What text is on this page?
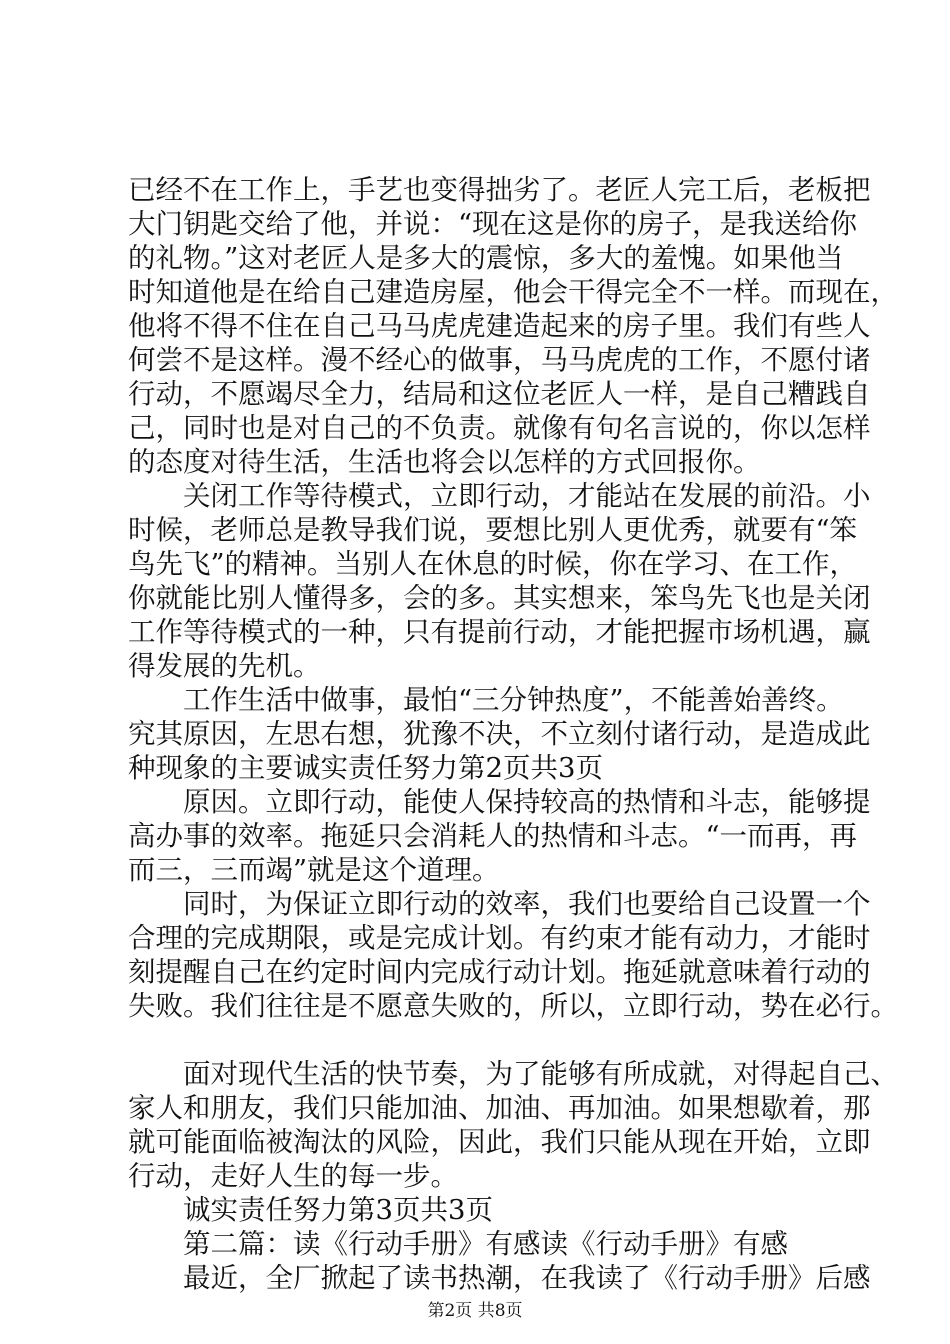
已经不在工作上，手艺也变得拙劣了。老匠人完工后，老板把
大门钥匙交给了他，并说：“现在这是你的房子，是我送给你
的礼物。”这对老匠人是多大的震惊，多大的羞愧。如果他当
时知道他是在给自己建造房屋，他会干得完全不一样。而现在，
他将不得不住在自己马马虎虎建造起来的房子里。我们有些人
何尝不是这样。漫不经心的做事，马马虎虎的工作，不愿付诸
行动，不愿竭尽全力，结局和这位老匠人一样，是自己糟践自
己，同时也是对自己的不负责。就像有句名言说的，你以怎样
的态度对待生活，生活也将会以怎样的方式回报你。
关闭工作等待模式，立即行动，才能站在发展的前沿。小
时候，老师总是教导我们说，要想比别人更优秀，就要有“笨
鸟先飞”的精神。当别人在休息的时候，你在学习、在工作，
你就能比别人懂得多，会的多。其实想来，笨鸟先飞也是关闭
工作等待模式的一种，只有提前行动，才能把握市场机遇，赢
得发展的先机。
工作生活中做事，最怕“三分钟热度”，不能善始善终。
究其原因，左思右想，犹豫不决，不立刻付诸行动，是造成此
种现象的主要诚实责任努力第2页共3页
原因。立即行动，能使人保持较高的热情和斗志，能够提
高办事的效率。拖延只会消耗人的热情和斗志。“一而再，再
而三，三而竭”就是这个道理。
同时，为保证立即行动的效率，我们也要给自己设置一个
合理的完成期限，或是完成计划。有约束才能有动力，才能时
刻提醒自己在约定时间内完成行动计划。拖延就意味着行动的
失败。我们往往是不愿意失败的，所以，立即行动，势在必行。
面对现代生活的快节奏，为了能够有所成就，对得起自己、
家人和朋友，我们只能加油、加油、再加油。如果想歇着，那
就可能面临被淘汰的风险，因此，我们只能从现在开始，立即
行动，走好人生的每一步。
诚实责任努力第3页共3页
第二篇：读《行动手册》有感读《行动手册》有感
最近，全厂掀起了读书热潮，在我读了《行动手册》后感
第2页 共8页
